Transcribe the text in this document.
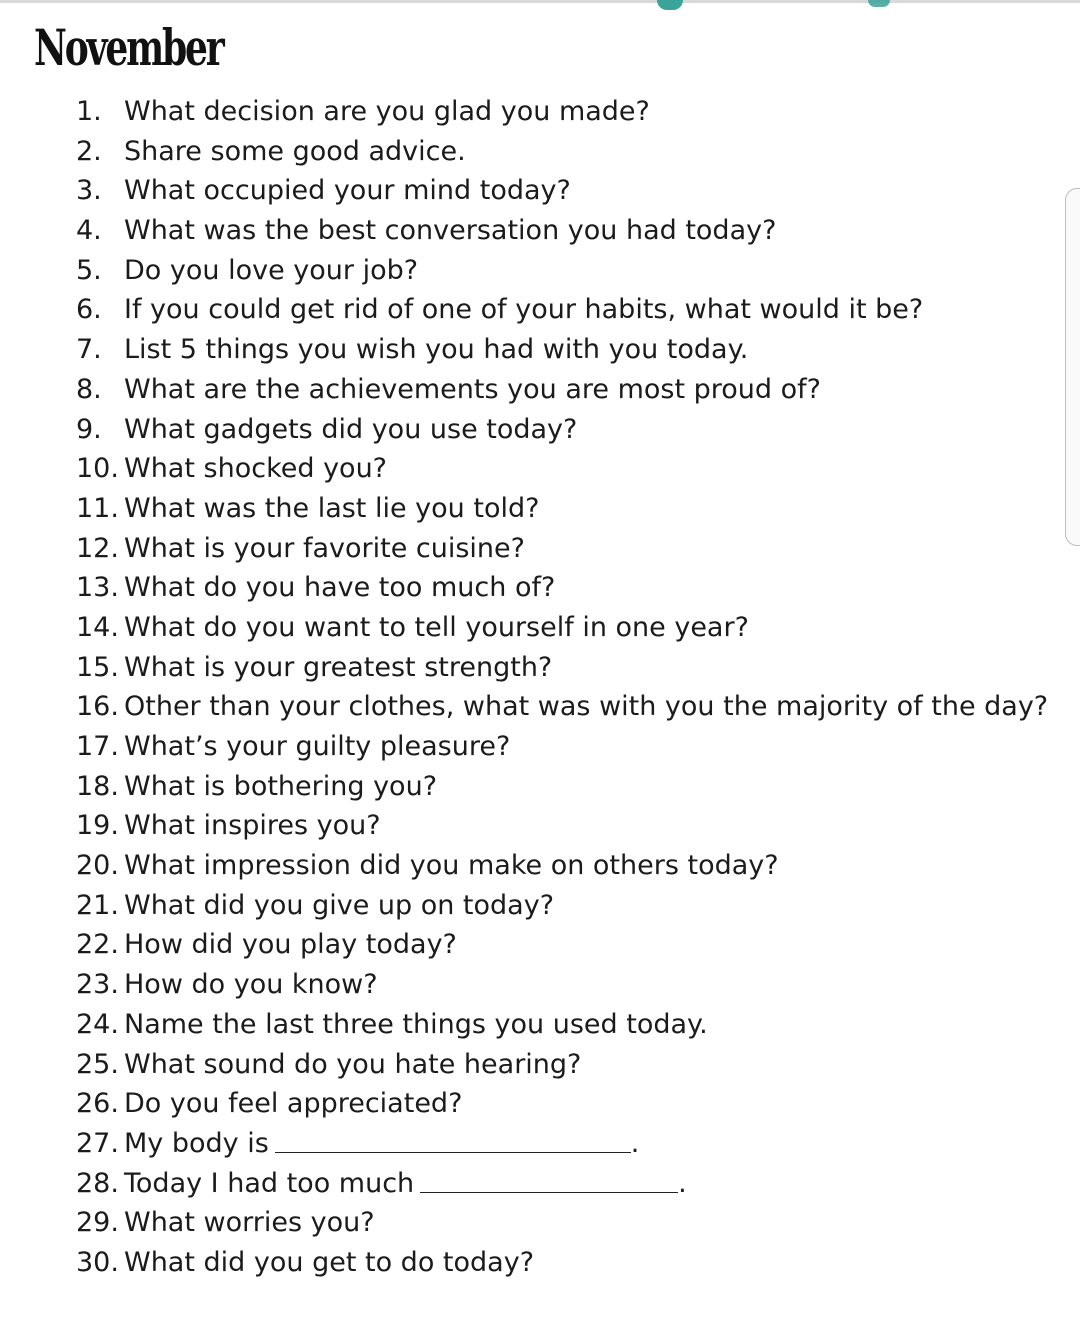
November
1. What decision are you glad you made?
2. Share some good advice.
3. What occupied your mind today?
4. What was the best conversation you had today?
5. Do you love your job?
6. If you could get rid of one of your habits, what would it be?
7. List 5 things you wish you had with you today.
8. What are the achievements you are most proud of?
9. What gadgets did you use today?
10. What shocked you?
11. What was the last lie you told?
12. What is your favorite cuisine?
13. What do you have too much of?
14. What do you want to tell yourself in one year?
15. What is your greatest strength?
16. Other than your clothes, what was with you the majority of the day?
17. What’s your guilty pleasure?
18. What is bothering you?
19. What inspires you?
20. What impression did you make on others today?
21. What did you give up on today?
22. How did you play today?
23. How do you know?
24. Name the last three things you used today.
25. What sound do you hate hearing?
26. Do you feel appreciated?
27. My body is	.
28. Today I had too much	.
29. What worries you?
30. What did you get to do today?
